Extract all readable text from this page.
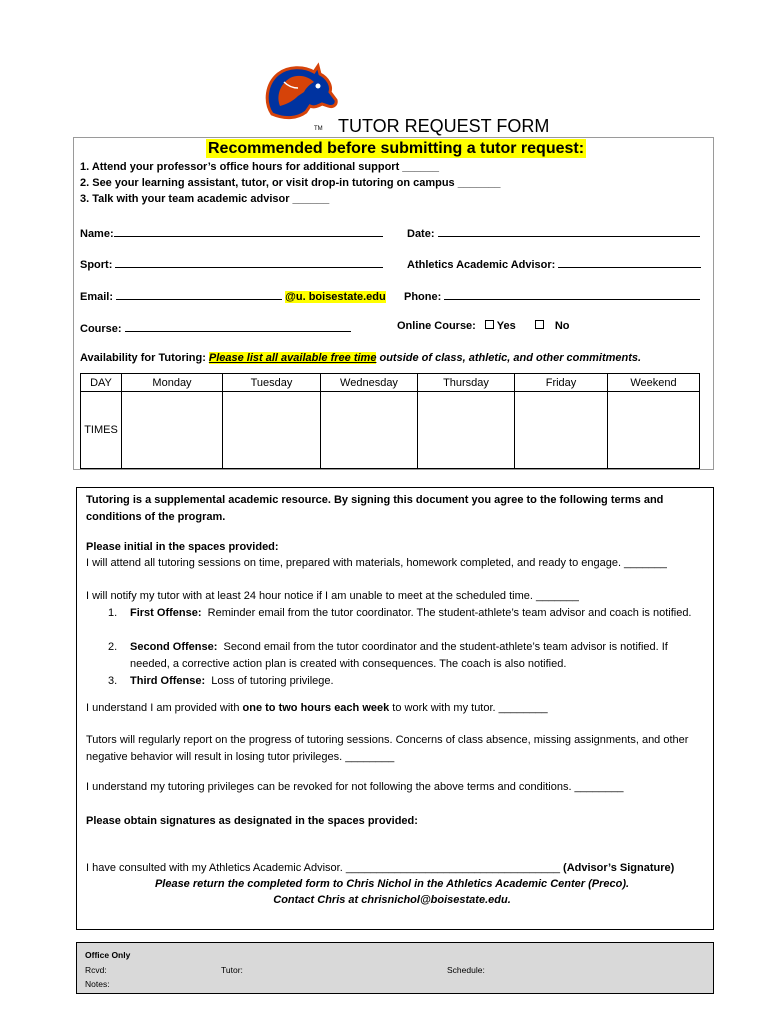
TM TUTOR REQUEST FORM
Recommended before submitting a tutor request:
1. Attend your professor’s office hours for additional support ______
2. See your learning assistant, tutor, or visit drop-in tutoring on campus _______
3. Talk with your team academic advisor ______
Name:	Date:
Sport:	Athletics Academic Advisor:
Email:	@u. boisestate.edu Phone:
Course:	Online Course: Yes	No
Availability for Tutoring: Please list all available free time outside of class, athletic, and other commitments.
DAY	Monday	Tuesday	Wednesday	Thursday	Friday	Weekend
TIMES						
Tutoring is a supplemental academic resource. By signing this document you agree to the following terms and conditions of the program.
Please initial in the spaces provided:
I will attend all tutoring sessions on time, prepared with materials, homework completed, and ready to engage. _______
I will notify my tutor with at least 24 hour notice if I am unable to meet at the scheduled time. _______
1. First Offense: Reminder email from the tutor coordinator. The student-athlete’s team advisor and coach is notified.
2. Second Offense: Second email from the tutor coordinator and the student-athlete’s team advisor is notified. If needed, a corrective action plan is created with consequences. The coach is also notified.
3. Third Offense: Loss of tutoring privilege.
I understand I am provided with one to two hours each week to work with my tutor. ________
Tutors will regularly report on the progress of tutoring sessions. Concerns of class absence, missing assignments, and other negative behavior will result in losing tutor privileges. ________
I understand my tutoring privileges can be revoked for not following the above terms and conditions. ________
Please obtain signatures as designated in the spaces provided:
I have consulted with my Athletics Academic Advisor. ___________________________________ (Advisor’s Signature)
Please return the completed form to Chris Nichol in the Athletics Academic Center (Preco).
Contact Chris at chrisnichol@boisestate.edu.
Office Only
Rcvd:	Tutor:	Schedule:
Notes:
